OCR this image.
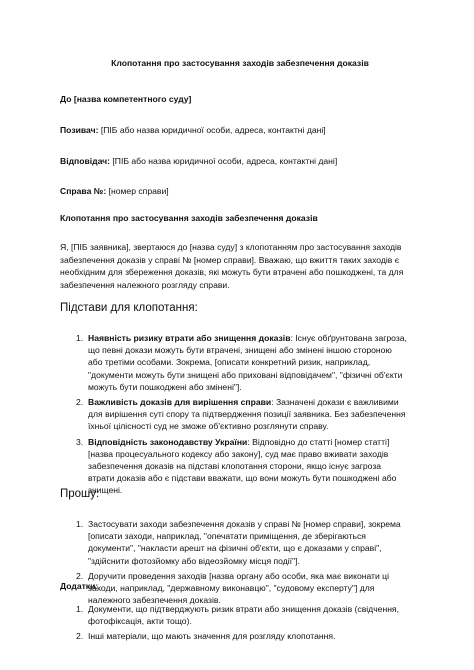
Клопотання про застосування заходів забезпечення доказів
До [назва компетентного суду]
Позивач: [ПІБ або назва юридичної особи, адреса, контактні дані]
Відповідач: [ПІБ або назва юридичної особи, адреса, контактні дані]
Справа №: [номер справи]
Клопотання про застосування заходів забезпечення доказів
Я, [ПІБ заявника], звертаюся до [назва суду] з клопотанням про застосування заходів забезпечення доказів у справі № [номер справи]. Вважаю, що вжиття таких заходів є необхідним для збереження доказів, які можуть бути втрачені або пошкоджені, та для забезпечення належного розгляду справи.
Підстави для клопотання:
1. Наявність ризику втрати або знищення доказів: Існує обґрунтована загроза, що певні докази можуть бути втрачені, знищені або змінені іншою стороною або третіми особами. Зокрема, [описати конкретний ризик, наприклад, "документи можуть бути знищені або приховані відповідачем", "фізичні об'єкти можуть бути пошкоджені або змінені"].
2. Важливість доказів для вирішення справи: Зазначені докази є важливими для вирішення суті спору та підтвердження позиції заявника. Без забезпечення їхньої цілісності суд не зможе об'єктивно розглянути справу.
3. Відповідність законодавству України: Відповідно до статті [номер статті] [назва процесуального кодексу або закону], суд має право вживати заходів забезпечення доказів на підставі клопотання сторони, якщо існує загроза втрати доказів або є підстави вважати, що вони можуть бути пошкоджені або знищені.
Прошу:
1. Застосувати заходи забезпечення доказів у справі № [номер справи], зокрема [описати заходи, наприклад, "опечатати приміщення, де зберігаються документи", "накласти арешт на фізичні об'єкти, що є доказами у справі", "здійснити фотозйомку або відеозйомку місця події"].
2. Доручити проведення заходів [назва органу або особи, яка має виконати ці заходи, наприклад, "державному виконавцю", "судовому експерту"] для належного забезпечення доказів.
Додатки:
1. Документи, що підтверджують ризик втрати або знищення доказів (свідчення, фотофіксація, акти тощо).
2. Інші матеріали, що мають значення для розгляду клопотання.
